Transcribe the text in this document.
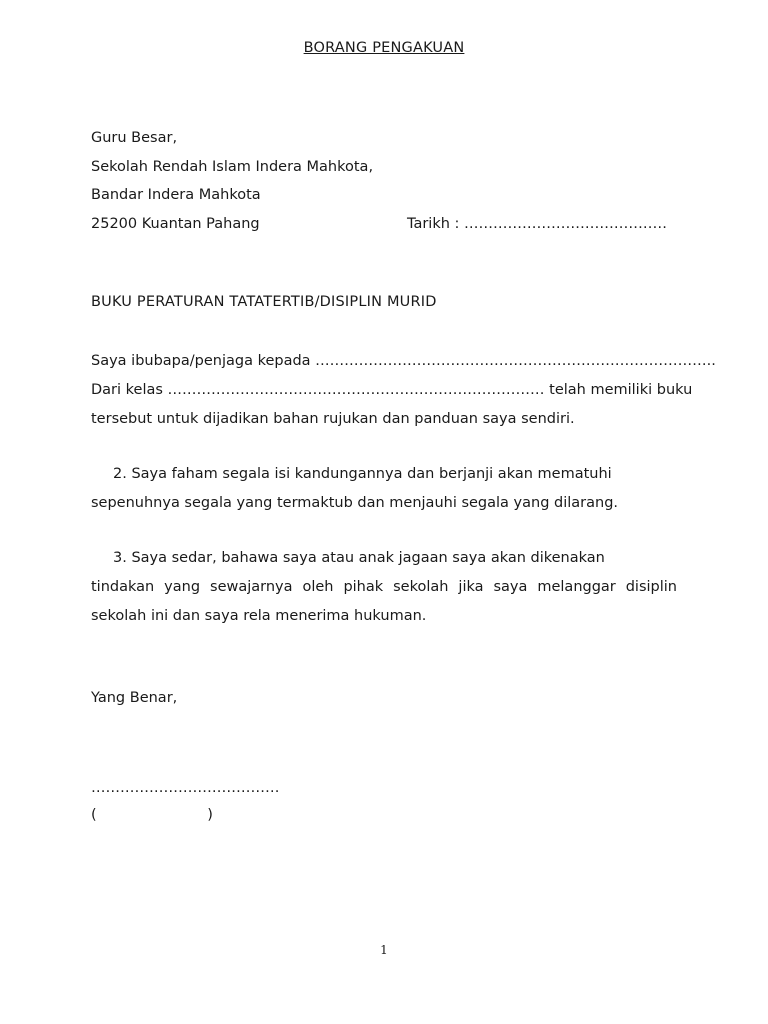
BORANG PENGAKUAN
Guru Besar,
Sekolah Rendah Islam Indera Mahkota,
Bandar Indera Mahkota
25200 Kuantan Pahang	Tarikh : ……………………………………
BUKU PERATURAN TATATERTIB/DISIPLIN MURID
Saya ibubapa/penjaga kepada ………………………………………………………………………..
Dari kelas …………………………………………………………………… telah memiliki buku
tersebut untuk dijadikan bahan rujukan dan panduan saya sendiri.
2. Saya faham segala isi kandungannya dan berjanji akan mematuhi
sepenuhnya segala yang termaktub dan menjauhi segala yang dilarang.
3. Saya sedar, bahawa saya atau anak jagaan saya akan dikenakan
tindakan yang sewajarnya oleh pihak sekolah jika saya melanggar disiplin
sekolah ini dan saya rela menerima hukuman.
Yang Benar,
…………………………………
(                        )
1
